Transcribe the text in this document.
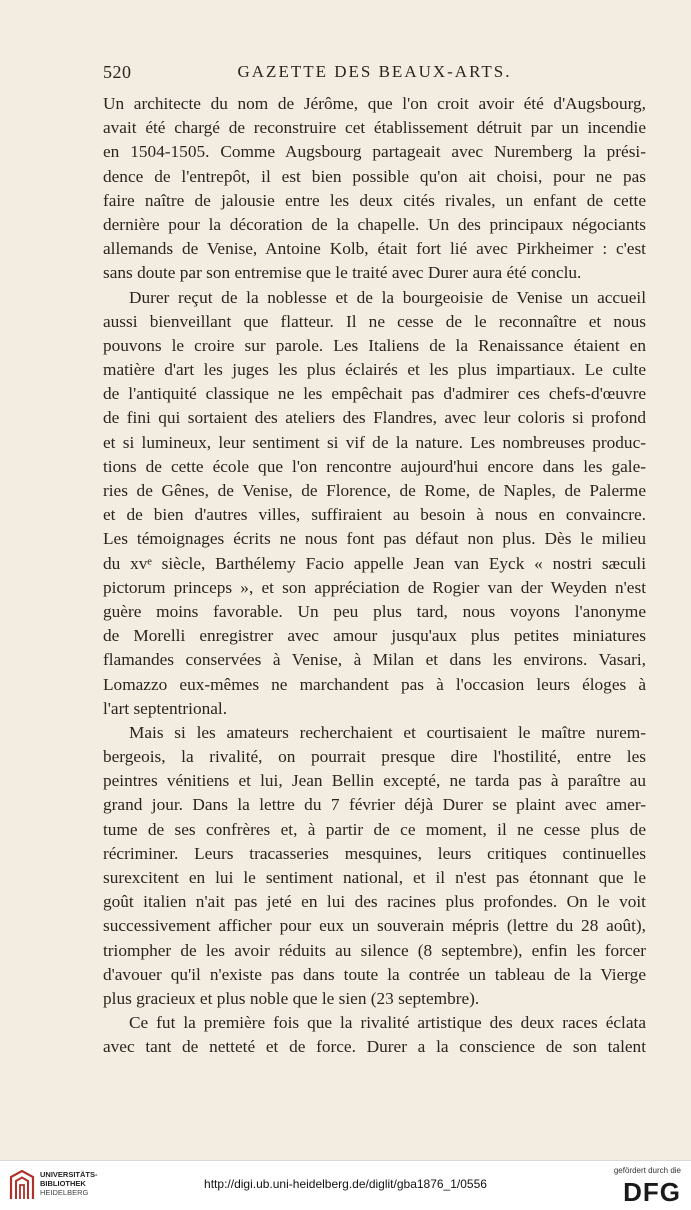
520	GAZETTE DES BEAUX-ARTS.
Un architecte du nom de Jérôme, que l'on croit avoir été d'Augsbourg,
avait été chargé de reconstruire cet établissement détruit par un incendie
en 1504-1505. Comme Augsbourg partageait avec Nuremberg la prési-
dence de l'entrepôt, il est bien possible qu'on ait choisi, pour ne pas
faire naître de jalousie entre les deux cités rivales, un enfant de cette
dernière pour la décoration de la chapelle. Un des principaux négociants
allemands de Venise, Antoine Kolb, était fort lié avec Pirkheimer : c'est
sans doute par son entremise que le traité avec Durer aura été conclu.
Durer reçut de la noblesse et de la bourgeoisie de Venise un accueil
aussi bienveillant que flatteur. Il ne cesse de le reconnaître et nous
pouvons le croire sur parole. Les Italiens de la Renaissance étaient en
matière d'art les juges les plus éclairés et les plus impartiaux. Le culte
de l'antiquité classique ne les empêchait pas d'admirer ces chefs-d'œuvre
de fini qui sortaient des ateliers des Flandres, avec leur coloris si profond
et si lumineux, leur sentiment si vif de la nature. Les nombreuses produc-
tions de cette école que l'on rencontre aujourd'hui encore dans les gale-
ries de Gênes, de Venise, de Florence, de Rome, de Naples, de Palerme
et de bien d'autres villes, suffiraient au besoin à nous en convaincre.
Les témoignages écrits ne nous font pas défaut non plus. Dès le milieu
du xvᵉ siècle, Barthélemy Facio appelle Jean van Eyck « nostri sæculi
pictorum princeps », et son appréciation de Rogier van der Weyden n'est
guère moins favorable. Un peu plus tard, nous voyons l'anonyme
de Morelli enregistrer avec amour jusqu'aux plus petites miniatures
flamandes conservées à Venise, à Milan et dans les environs. Vasari,
Lomazzo eux-mêmes ne marchandent pas à l'occasion leurs éloges à
l'art septentrional.
Mais si les amateurs recherchaient et courtisaient le maître nurem-
bergeois, la rivalité, on pourrait presque dire l'hostilité, entre les
peintres vénitiens et lui, Jean Bellin excepté, ne tarda pas à paraître au
grand jour. Dans la lettre du 7 février déjà Durer se plaint avec amer-
tume de ses confrères et, à partir de ce moment, il ne cesse plus de
récriminer. Leurs tracasseries mesquines, leurs critiques continuelles
surexcitent en lui le sentiment national, et il n'est pas étonnant que le
goût italien n'ait pas jeté en lui des racines plus profondes. On le voit
successivement afficher pour eux un souverain mépris (lettre du 28 août),
triompher de les avoir réduits au silence (8 septembre), enfin les forcer
d'avouer qu'il n'existe pas dans toute la contrée un tableau de la Vierge
plus gracieux et plus noble que le sien (23 septembre).
Ce fut la première fois que la rivalité artistique des deux races éclata
avec tant de netteté et de force. Durer a la conscience de son talent
UNIVERSITÄTS-
BIBLIOTHEK
HEIDELBERG
http://digi.ub.uni-heidelberg.de/diglit/gba1876_1/0556
gefördert durch die
DFG
